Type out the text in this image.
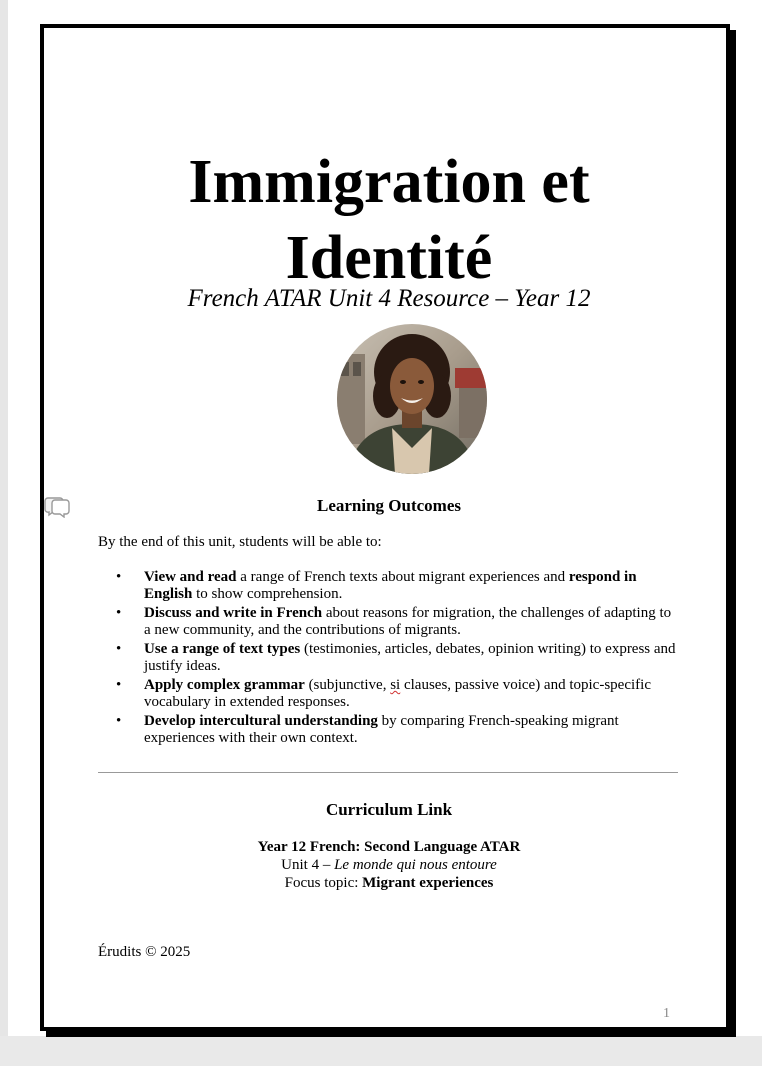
Immigration et
Identité

French ATAR Unit 4 Resource – Year 12

Learning Outcomes

By the end of this unit, students will be able to:

• View and read a range of French texts about migrant experiences and respond in English to show comprehension.
• Discuss and write in French about reasons for migration, the challenges of adapting to a new community, and the contributions of migrants.
• Use a range of text types (testimonies, articles, debates, opinion writing) to express and justify ideas.
• Apply complex grammar (subjunctive, si clauses, passive voice) and topic-specific vocabulary in extended responses.
• Develop intercultural understanding by comparing French-speaking migrant experiences with their own context.
Curriculum Link
Year 12 French: Second Language ATAR
Unit 4 – Le monde qui nous entoure
Focus topic: Migrant experiences

Érudits © 2025

1
